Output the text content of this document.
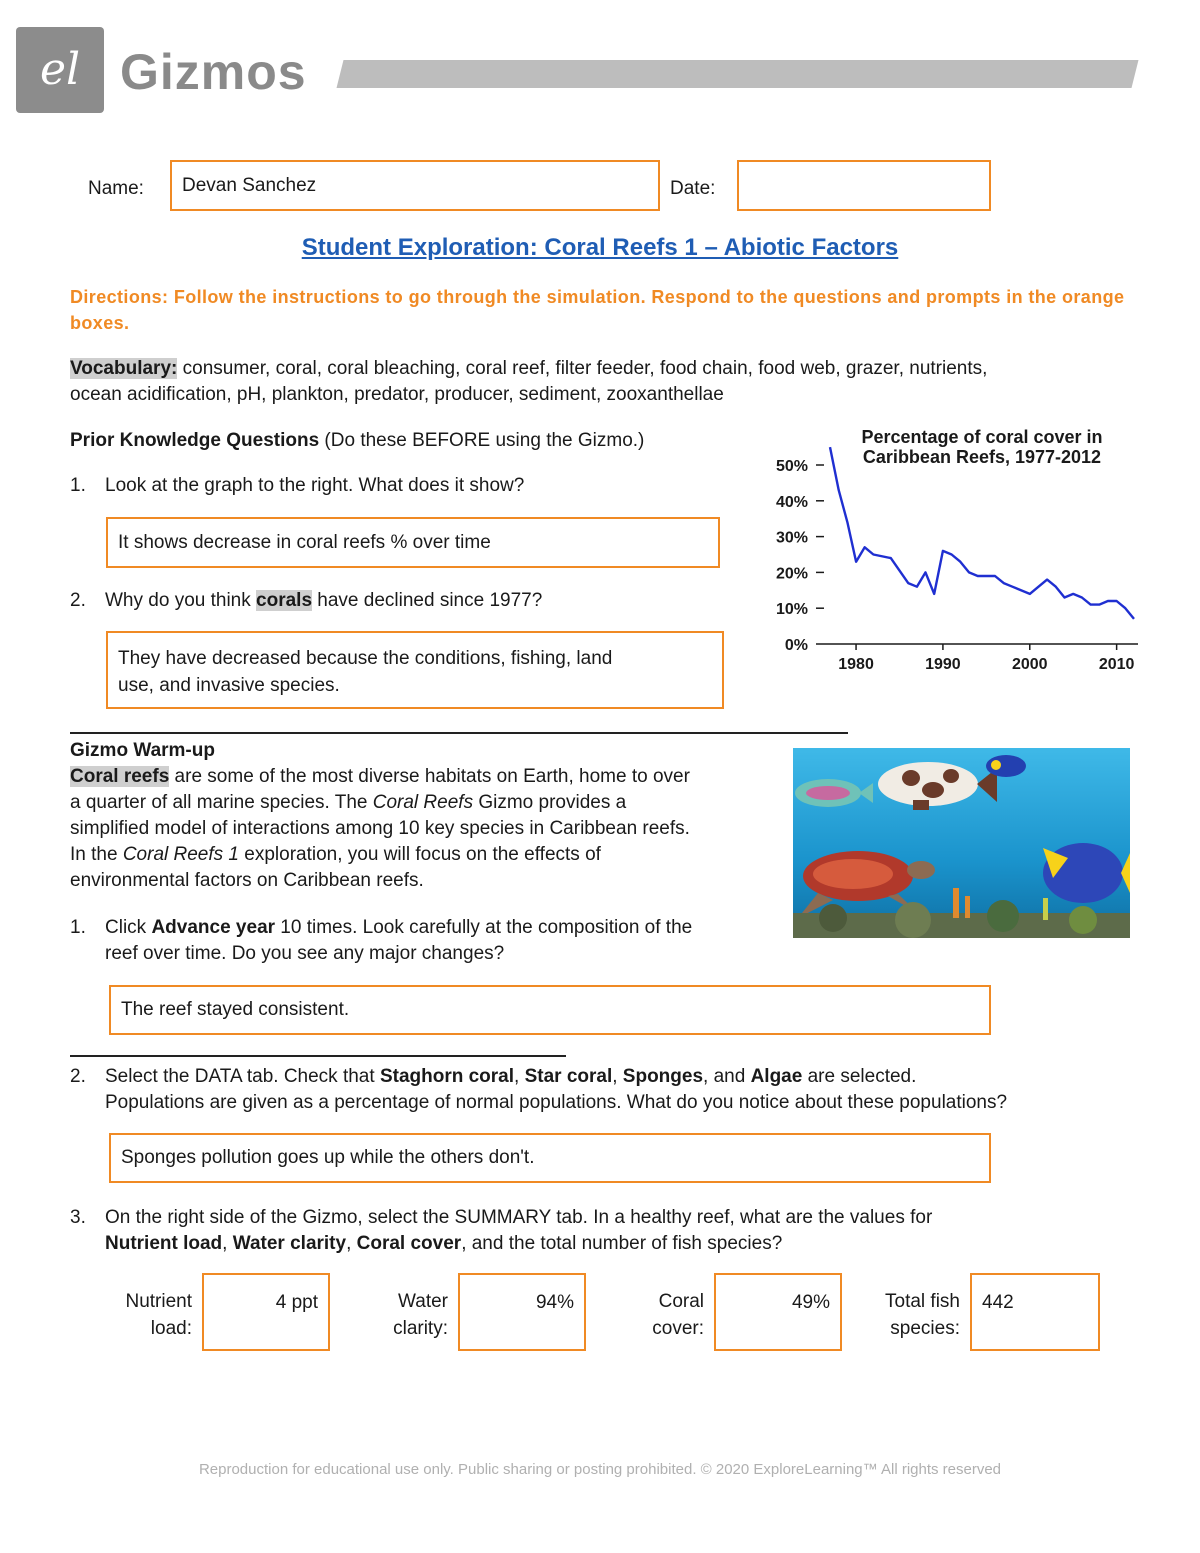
el Gizmos
Name:	Devan Sanchez	Date:
Student Exploration: Coral Reefs 1 – Abiotic Factors
Directions: Follow the instructions to go through the simulation. Respond to the questions and prompts in the orange boxes.
Vocabulary: consumer, coral, coral bleaching, coral reef, filter feeder, food chain, food web, grazer, nutrients,
ocean acidification, pH, plankton, predator, producer, sediment, zooxanthellae
Prior Knowledge Questions (Do these BEFORE using the Gizmo.)
1. Look at the graph to the right. What does it show?
It shows decrease in coral reefs % over time
2. Why do you think corals have declined since 1977?
They have decreased because the conditions, fishing, land
use, and invasive species.
Percentage of coral cover in
Caribbean Reefs, 1977-2012
50%
40%
30%
20%
10%
0%
1980	1990	2000	2010
Gizmo Warm-up
Coral reefs are some of the most diverse habitats on Earth, home to over
a quarter of all marine species. The Coral Reefs Gizmo provides a
simplified model of interactions among 10 key species in Caribbean reefs.
In the Coral Reefs 1 exploration, you will focus on the effects of
environmental factors on Caribbean reefs.
1. Click Advance year 10 times. Look carefully at the composition of the
reef over time. Do you see any major changes?
The reef stayed consistent.
2. Select the DATA tab. Check that Staghorn coral, Star coral, Sponges, and Algae are selected.
Populations are given as a percentage of normal populations. What do you notice about these populations?
Sponges pollution goes up while the others don't.
3. On the right side of the Gizmo, select the SUMMARY tab. In a healthy reef, what are the values for
Nutrient load, Water clarity, Coral cover, and the total number of fish species?
Nutrient
load:
4 ppt	Water
clarity:
94%	Coral
cover:
49%	Total fish
species:
442
Reproduction for educational use only. Public sharing or posting prohibited. © 2020 ExploreLearning™ All rights reserved
